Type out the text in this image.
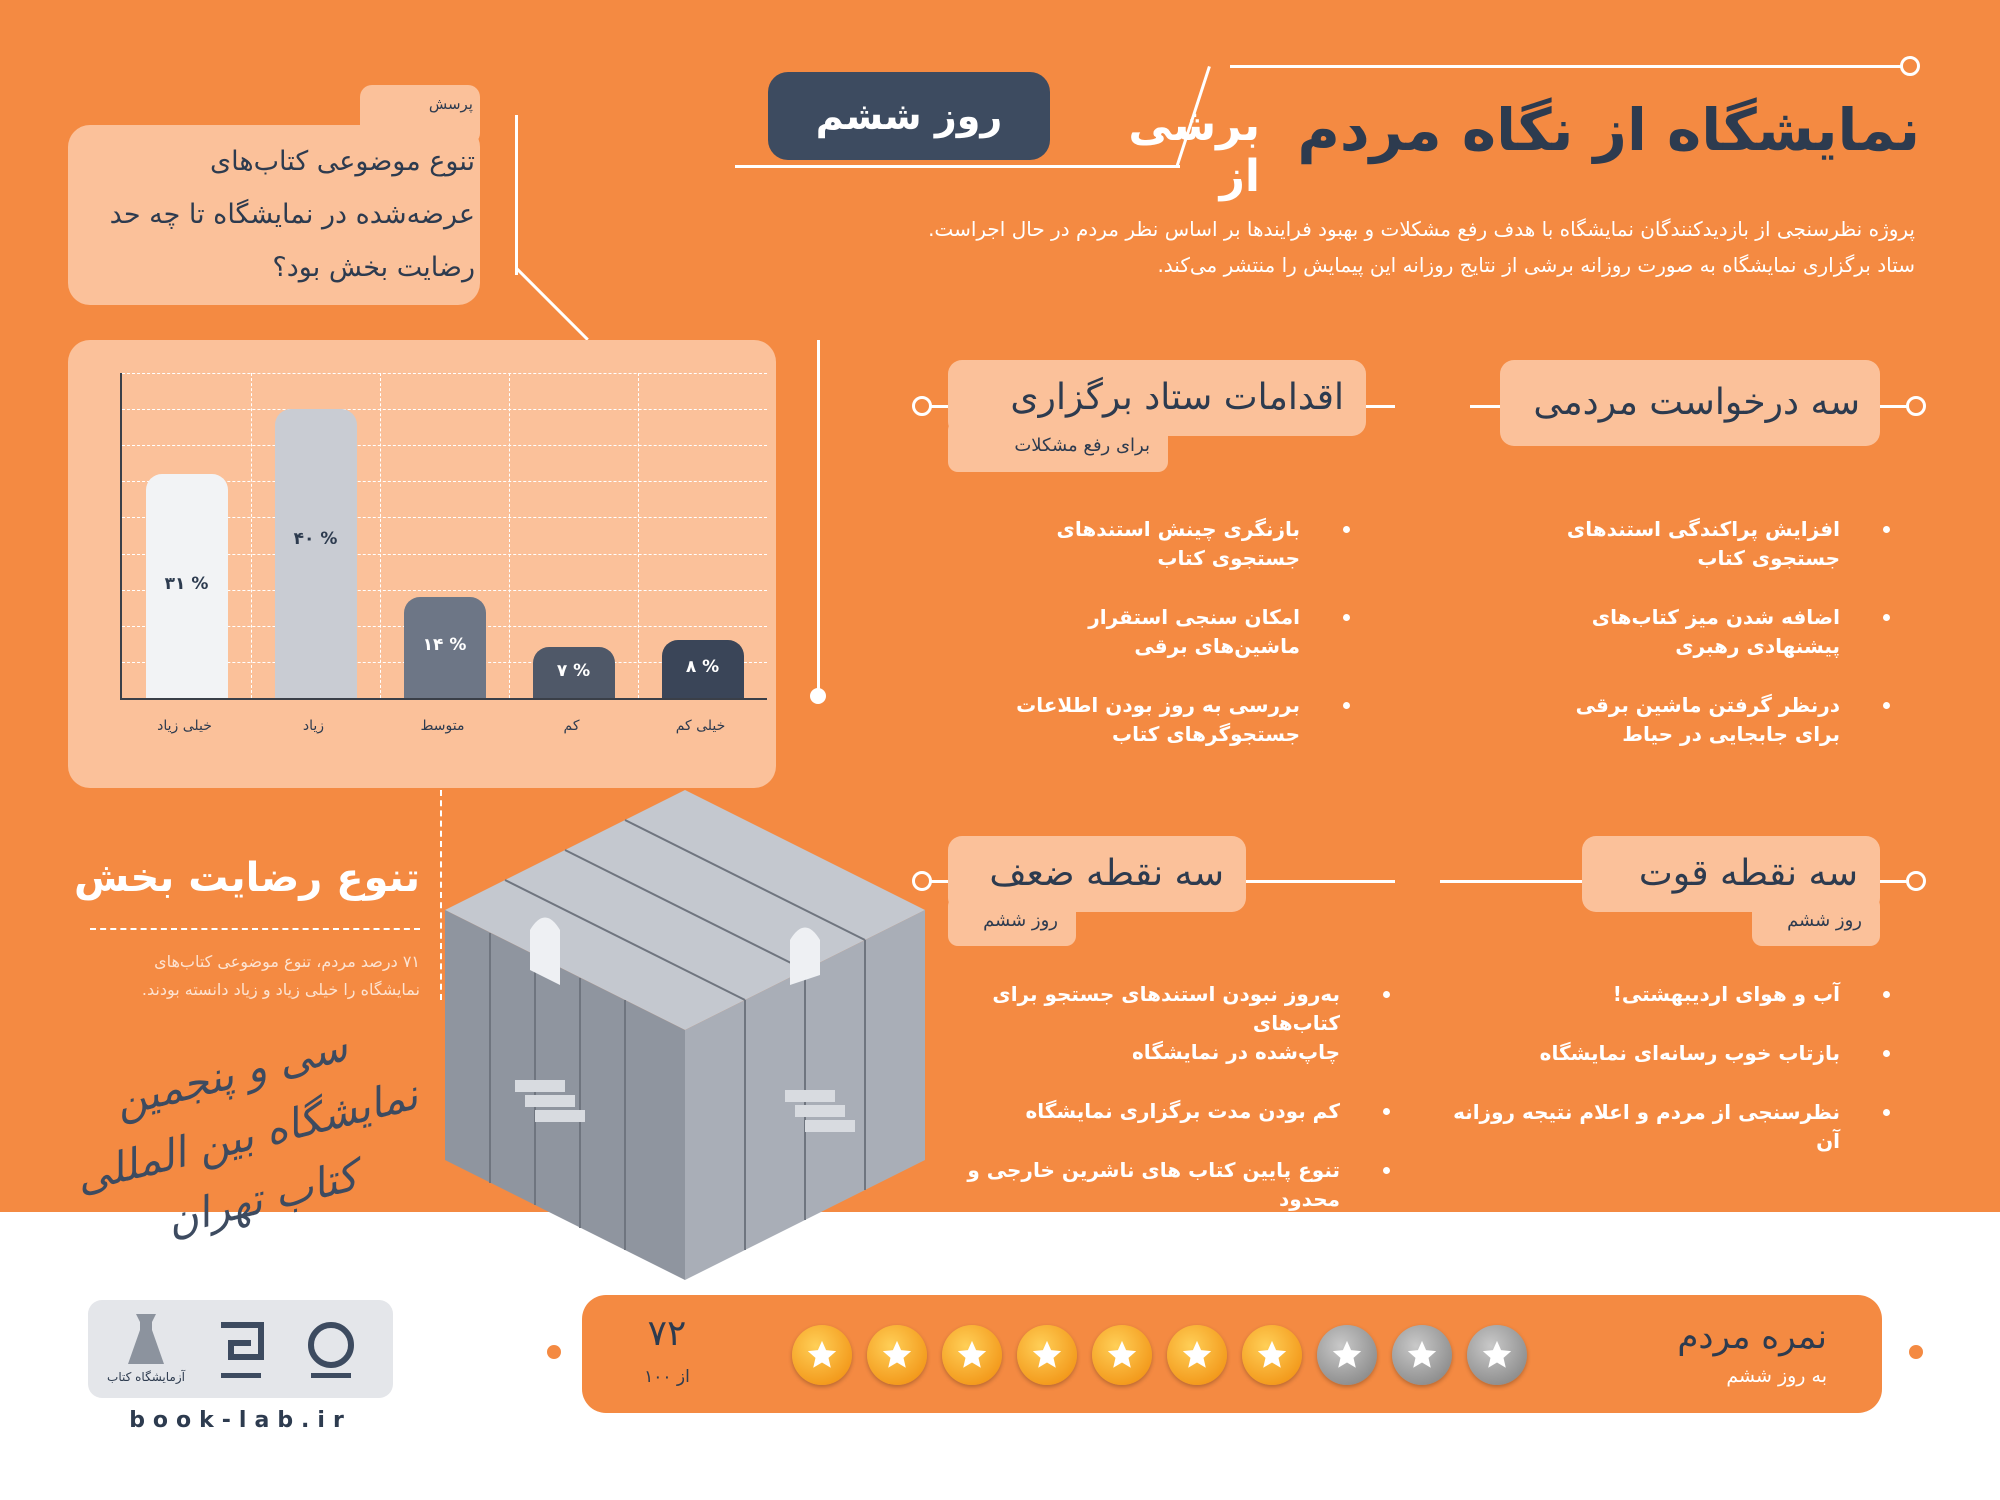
نمایشگاه از نگاه مردم
برشی از
روز ششم
پروژه نظرسنجی از بازدیدکنندگان نمایشگاه با هدف رفع مشکلات و بهبود فرایندها بر اساس نظر مردم در حال اجراست.
ستاد برگزاری نمایشگاه به صورت روزانه برشی از نتایج روزانه این پیمایش را منتشر می‌کند.
پرسش
تنوع موضوعی کتاب‌های عرضه‌شده در نمایشگاه تا چه حد رضایت بخش بود؟
% ۳۱
% ۴۰
% ۱۴
% ۷	% ۸
خیلی زیاد	زیاد	متوسط	کم	خیلی کم
تنوع رضایت بخش
۷۱ درصد مردم، تنوع موضوعی کتاب‌های
نمایشگاه را خیلی زیاد و زیاد دانسته بودند.
سه درخواست مردمی
افزایش پراکندگی استندهای
جستجوی کتاب
اضافه شدن میز کتاب‌های
پیشنهادی رهبری
درنظر گرفتن ماشین برقی
برای جابجایی در حیاط
اقدامات ستاد برگزاری
برای رفع مشکلات
بازنگری چینش استندهای
جستجوی کتاب
امکان سنجی استقرار
ماشین‌های برقی
بررسی به روز بودن اطلاعات
جستجوگرهای کتاب
سه نقطه قوت
روز ششم
آب و هوای اردیبهشتی!
بازتاب خوب رسانه‌ای نمایشگاه
نظرسنجی از مردم و اعلام نتیجه روزانه آن
سه نقطه ضعف
روز ششم
به‌روز نبودن استندهای جستجو برای کتاب‌های
چاپ‌شده در نمایشگاه
کم بودن مدت برگزاری نمایشگاه
تنوع پایین کتاب های ناشرین خارجی و محدود
بودن به برخی زبان‌ها
نمره مردم
به روز ششم
۷۲
از ۱۰۰
سی و پنجمین نمایشگاه بین المللی کتاب تهران
آزمایشگاه کتاب
book-lab.ir
